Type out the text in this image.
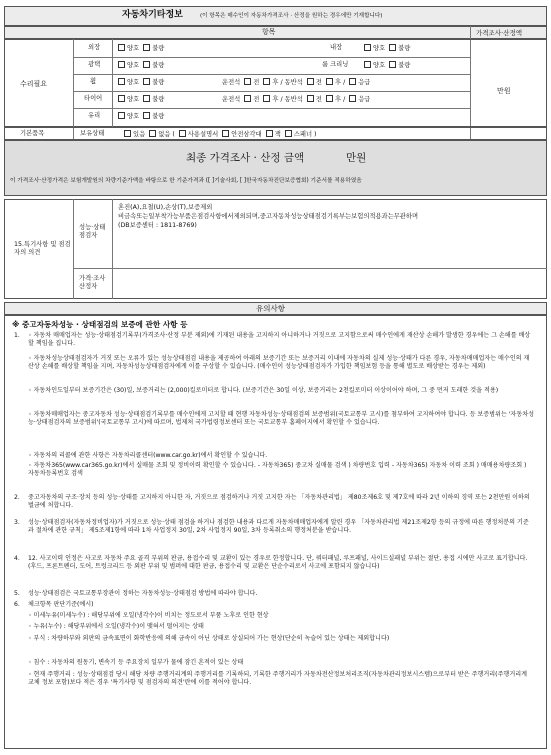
자동차기타정보	(이 항목은 매수인이 자동차가격조사 · 산정을 원하는 경우에만 기재합니다)
항목	가격조사·산정액
수리필요
만원
외장	양호 불량	내장	양호 불량
광택	양호 불량	룸 크리닝	양호 불량
휠	양호 불량	운전석 전 후 / 동반석 전 후 / 응급
타이어	양호 불량	운전석 전 후 / 동반석 전 후 / 응급
유리	양호 불량
기본품목	보유상태	있음 없음 ( 사용설명서 안전삼각대 잭 스패너 )
최종 가격조사 · 산정 금액	만원
이 가격조사·산정가격은 보험개발원의 차량기준가액을 바탕으로 한 기준가격과 ([ ]기술사회, [ ]한국자동차진단보증협회) 기준서를 적용하였음
15.특기사항 및 점검자의 의견
성능·상태 점검자
혼진(A),요철(U),손상(T),보증제외
비금속또는일부착가능부품은점검사항에서제외되며,중고자동차성능상태점검기록부는보험의적용과는무관하며
(DB보증센터 : 1811-8769)
가격·조사 산정자
유의사항
※ 중고자동차성능 · 상태점검의 보증에 관한 사항 등
1. ◦ 자동차 매매업자는 성능·상태점검기록부(가격조사·산정 부분 제외)에 기재된 내용을 고지하지 아니하거나 거짓으로 고지함으로써 매수인에게 재산상 손해가 발생한 경우에는 그 손해를 배상할 책임을 집니다.
◦ 자동차성능상태점검자가 거짓 또는 오류가 있는 성능상태점검 내용을 제공하여 아래의 보증기간 또는 보증거리 이내에 자동차의 실제 성능·상태가 다른 경우, 자동차매매업자는 매수인의 재산상 손해를 배상할 책임을 지며, 자동차성능상태점검자에게 이를 구상할 수 있습니다. (매수인이 성능상태점검자가 가입한 책임보험 등을 통해 별도로 배상받는 경우는 제외)
◦ 자동차인도일부터 보증기간은 (30)일, 보증거리는 (2,000)킬로미터로 합니다. (보증기간은 30일 이상, 보증거리는 2천킬로미터 이상이어야 하며, 그 중 먼저 도래한 것을 적용)
◦ 자동차매매업자는 중고자동차 성능·상태점검기록부를 매수인에게 고지할 때 현행 자동차성능·상태점검의 보증범위(국토교통부 고시)를 첨부하여 고지하여야 합니다. 등 보증범위는 '자동차성능·상태점검자의 보증범위'(국토교통부 고시)에 따르며, 법제처 국가법령정보센터 또는 국토교통부 홈페이지에서 확인할 수 있습니다.
◦ 자동차의 리콜에 관한 사항은 자동차리콜센터(www.car.go.kr)에서 확인할 수 있습니다.
◦ 자동차365(www.car365.go.kr)에서 실매물 조회 및 정비이력 확인할 수 있습니다. - 자동차365) 중고차 실매물 검색 ) 차량번호 입력 - 자동차365) 자동차 이력 조회 ) 매매용차량조회 ) 자동차등록번호 검색
2. 중고자동차의 구조·장치 등의 성능·상태를 고지하지 아니한 자, 거짓으로 점검하거나 거짓 고지한 자는 「자동차관리법」 제80조제6호 및 제7호에 따라 2년 이하의 징역 또는 2천만원 이하의 벌금에 처합니다.
3. 성능·상태점검자(자동차정비업자)가 거짓으로 성능·상태 점검을 하거나 점검한 내용과 다르게 자동차매매업자에게 알린 경우 「자동차관리법 제21조제2항 등의 규정에 따른 행정처분의 기준과 절차에 관한 규칙」 제5조제1항에 따라 1차 사업정지 30일, 2차 사업정지 90일, 3차 등록취소의 행정처분을 받습니다.
4. 12. 사고이력 인정은 사고로 자동차 주요 골격 부위의 판금, 용접수리 및 교환이 있는 경우로 한정합니다. 단, 쿼터패널, 루프패널, 사이드실패널 부위는 절단, 용접 시에만 사고로 표기합니다. (후드, 프론트펜더, 도어, 트렁크리드 등 외판 부위 및 범퍼에 대한 판금, 용접수리 및 교환은 단순수리로서 사고에 포함되지 않습니다)
5. 성능·상태점검은 국토교통부장관이 정하는 자동차성능·상태점검 방법에 따라야 합니다.
6. 체크항목 판단기준(예시)
◦ 미세누유(미세누수) : 해당부위에 오일(냉각수)이 비치는 정도로서 부품 노후로 인한 현상
◦ 누유(누수) : 해당부위에서 오일(냉각수)이 맺혀서 떨어지는 상태
◦ 부식 : 차량하부와 외판의 금속표면이 화학반응에 의해 금속이 아닌 상태로 상실되어 가는 현상(단순히 녹슬어 있는 상태는 제외합니다)
◦ 침수 : 자동차의 원동기, 변속기 등 주요장치 일부가 물에 잠긴 흔적이 있는 상태
◦ 현재 주행거리 : 성능·상태점검 당시 해당 차량 주행거리계의 주행거리를 기록하되, 기록한 주행거리가 자동차전산정보처리조직(자동차관리정보시스템)으로부터 받은 주행거리(주행거리계 교체 정보 포함)보다 적은 경우 '특기사항 및 점검자의 의견'란에 이를 적어야 합니다.
